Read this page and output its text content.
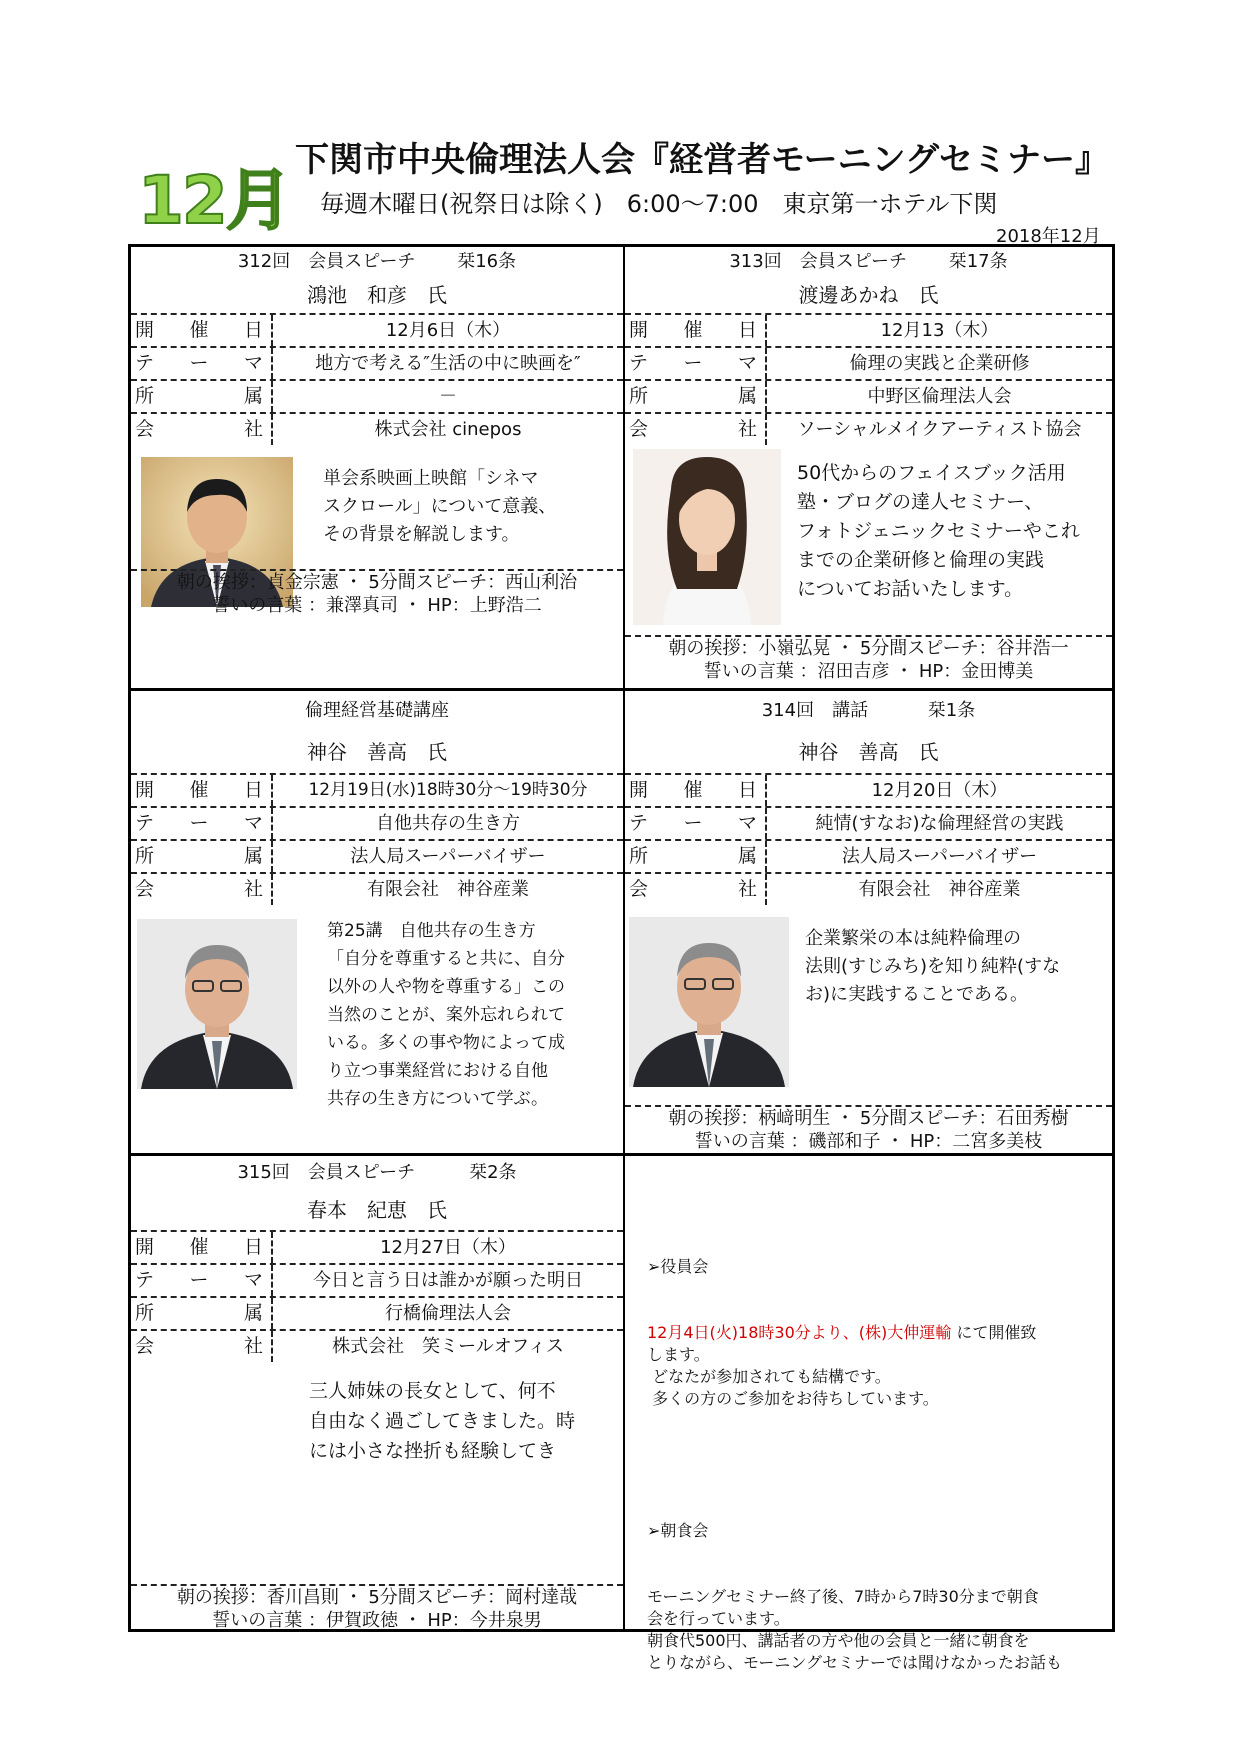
12月
下関市中央倫理法人会『経営者モーニングセミナー』
毎週木曜日(祝祭日は除く)　6:00～7:00　東京第一ホテル下関
2018年12月
312回　会員スピーチ　　 栞16条
鴻池　和彦　氏
開 催 日	12月6日（木）
テ ー マ	地方で考える″生活の中に映画を″
所	属	－
会	社	株式会社 cinepos
単会系映画上映館「シネマ
スクロール」について意義、
その背景を解説します。
朝の挨拶：貞金宗憲 ・ 5分間スピーチ：西山利治
誓いの言葉 ：兼澤真司 ・ HP：上野浩二
313回　会員スピーチ　　 栞17条
渡邊あかね　氏
開 催 日	12月13（木）
テ ー マ	倫理の実践と企業研修
所	属	中野区倫理法人会
会	社	ソーシャルメイクアーティスト協会
50代からのフェイスブック活用
塾・ブログの達人セミナー、
フォトジェニックセミナーやこれ
までの企業研修と倫理の実践
についてお話いたします。
朝の挨拶：小嶺弘晃 ・ 5分間スピーチ：谷井浩一
誓いの言葉 ：沼田吉彦 ・ HP：金田博美
倫理経営基礎講座
神谷　善高　氏
開 催 日	12月19日(水)18時30分～19時30分
テ ー マ	自他共存の生き方
所	属	法人局スーパーバイザー
会	社	有限会社　神谷産業
第25講　自他共存の生き方
「自分を尊重すると共に、自分
以外の人や物を尊重する」この
当然のことが、案外忘れられて
いる。多くの事や物によって成
り立つ事業経営における自他
共存の生き方について学ぶ。
314回　講話　　　 栞1条
神谷　善高　氏
開 催 日	12月20日（木）
テ ー マ	純情(すなお)な倫理経営の実践
所	属	法人局スーパーバイザー
会	社	有限会社　神谷産業
企業繁栄の本は純粋倫理の
法則(すじみち)を知り純粋(すな
お)に実践することである。
朝の挨拶：柄﨑明生 ・ 5分間スピーチ：石田秀樹
誓いの言葉 ：磯部和子 ・ HP：二宮多美枝
315回　会員スピーチ　　　栞2条
春本　紀恵　氏
開 催 日	12月27日（木）
テ ー マ	今日と言う日は誰かが願った明日
所	属	行橋倫理法人会
会	社	株式会社　笑ミールオフィス
三人姉妹の長女として、何不
自由なく過ごしてきました。時
には小さな挫折も経験してき
朝の挨拶：香川昌則 ・ 5分間スピーチ：岡村達哉
誓いの言葉 ：伊賀政徳 ・ HP：今井泉男

➢役員会

12月4日(火)18時30分より、(株)大伸運輸 にて開催致
します。
どなたが参加されても結構です。
多くの方のご参加をお待ちしています。

➢朝食会

モーニングセミナー終了後、7時から7時30分まで朝食
会を行っています。
朝食代500円、講話者の方や他の会員と一緒に朝食を
とりながら、モーニングセミナーでは聞けなかったお話も
